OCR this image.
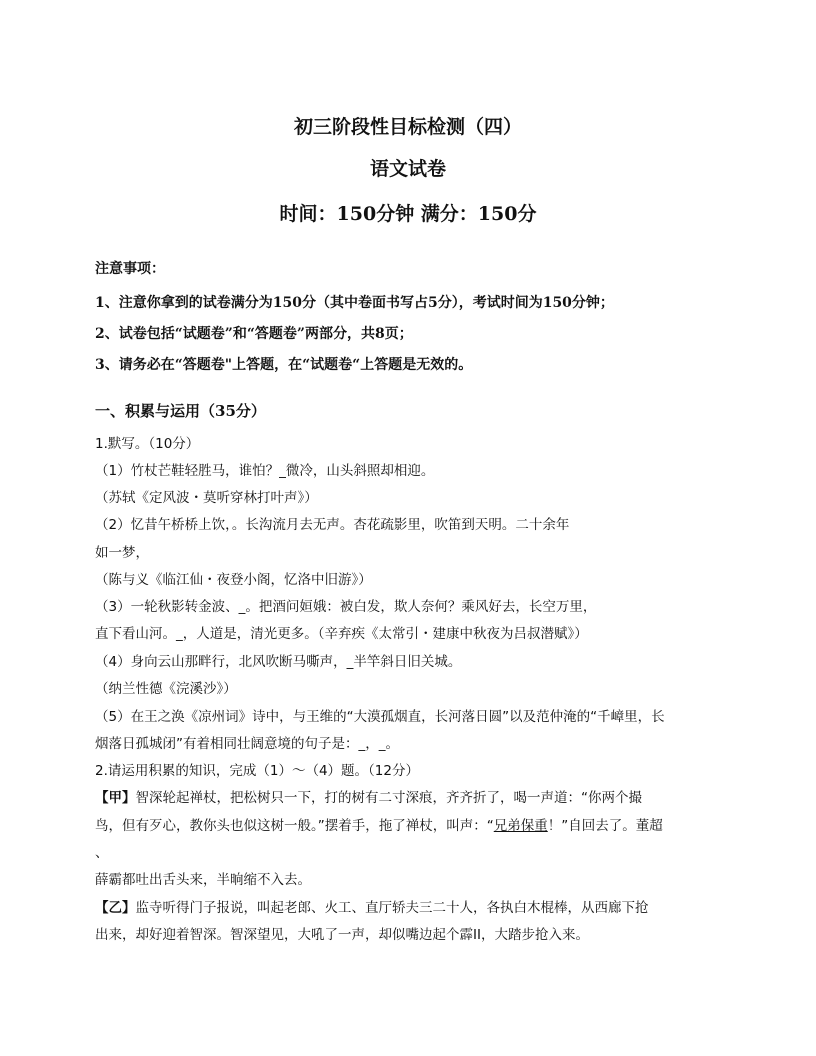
初三阶段性目标检测（四）
语文试卷
时间：150分钟 满分：150分
注意事项：
1、注意你拿到的试卷满分为150分（其中卷面书写占5分），考试时间为150分钟；
2、试卷包括“试题卷”和“答题卷”两部分，共8页；
3、请务必在“答题卷"上答题，在“试题卷“上答题是无效的。
一、积累与运用（35分）
1.默写。（10分）
（1）竹杖芒鞋轻胜马，谁怕？_微冷，山头斜照却相迎。
（苏轼《定风波・莫听穿林打叶声》）
（2）忆昔午桥桥上饮，。长沟流月去无声。杏花疏影里，吹笛到天明。二十余年
如一梦，
（陈与义《临江仙・夜登小阁，忆洛中旧游》）
（3）一轮秋影转金波、_。把酒问姮娥：被白发，欺人奈何？乘风好去，长空万里，
直下看山河。_，人道是，清光更多。（辛弃疾《太常引・建康中秋夜为吕叔潜赋》）
（4）身向云山那畔行，北风吹断马嘶声，_半竿斜日旧关城。
（纳兰性德《浣溪沙》）
（5）在王之涣《凉州词》诗中，与王维的“大漠孤烟直，长河落日圆”以及范仲淹的“千嶂里，长
烟落日孤城闭”有着相同壮阔意境的句子是：_，_。
2.请运用积累的知识，完成（1）～（4）题。（12分）
【甲】智深轮起禅杖，把松树只一下，打的树有二寸深痕，齐齐折了，喝一声道：“你两个撮
鸟，但有歹心，教你头也似这树一般。”摆着手，拖了禅杖，叫声：“兄弟保重！”自回去了。董超
、
薛霸都吐出舌头来，半晌缩不入去。
【乙】监寺听得门子报说，叫起老郎、火工、直厅轿夫三二十人，各执白木棍棒，从西廊下抢
出来，却好迎着智深。智深望见，大吼了一声，却似嘴边起个霹II，大踏步抢入来。
